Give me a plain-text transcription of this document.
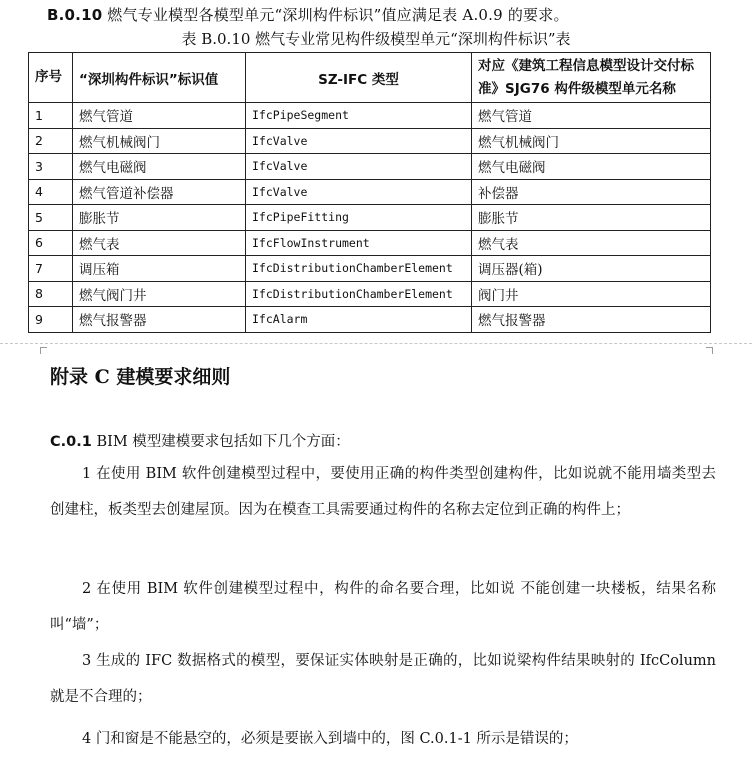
B.0.10 燃气专业模型各模型单元“深圳构件标识”值应满足表 A.0.9 的要求。
表 B.0.10 燃气专业常见构件级模型单元“深圳构件标识”表
序号	“深圳构件标识”标识值	SZ-IFC 类型	对应《建筑工程信息模型设计交付标准》SJG76 构件级模型单元名称
1	燃气管道	IfcPipeSegment	燃气管道
2	燃气机械阀门	IfcValve	燃气机械阀门
3	燃气电磁阀	IfcValve	燃气电磁阀
4	燃气管道补偿器	IfcValve	补偿器
5	膨胀节	IfcPipeFitting	膨胀节
6	燃气表	IfcFlowInstrument	燃气表
7	调压箱	IfcDistributionChamberElement	调压器(箱)
8	燃气阀门井	IfcDistributionChamberElement	阀门井
9	燃气报警器	IfcAlarm	燃气报警器
附录 C 建模要求细则
C.0.1 BIM 模型建模要求包括如下几个方面：

1 在使用 BIM 软件创建模型过程中，要使用正确的构件类型创建构件，比如说就不能用墙类型去创建柱，板类型去创建屋顶。因为在模查工具需要通过构件的名称去定位到正确的构件上；

2 在使用 BIM 软件创建模型过程中，构件的命名要合理，比如说 不能创建一块楼板，结果名称叫“墙”；

3 生成的 IFC 数据格式的模型，要保证实体映射是正确的，比如说梁构件结果映射的 IfcColumn 就是不合理的；

4 门和窗是不能悬空的，必须是要嵌入到墙中的，图 C.0.1-1 所示是错误的；
